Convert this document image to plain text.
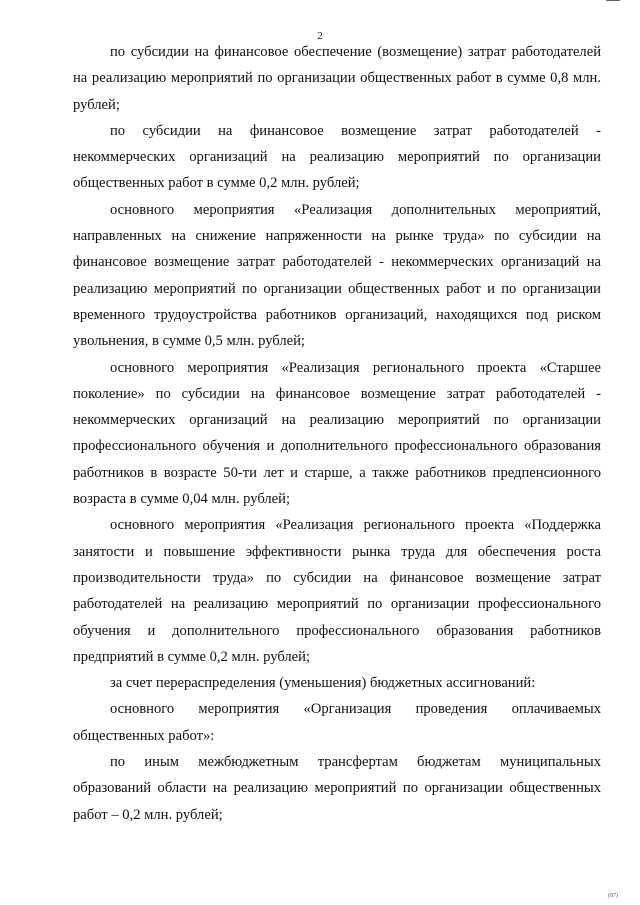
2

по субсидии на финансовое обеспечение (возмещение) затрат работодателей на реализацию мероприятий по организации общественных работ в сумме 0,8 млн. рублей;

по субсидии на финансовое возмещение затрат работодателей - некоммерческих организаций на реализацию мероприятий по организации общественных работ в сумме 0,2 млн. рублей;

основного мероприятия «Реализация дополнительных мероприятий, направленных на снижение напряженности на рынке труда» по субсидии на финансовое возмещение затрат работодателей - некоммерческих организаций на реализацию мероприятий по организации общественных работ и по организации временного трудоустройства работников организаций, находящихся под риском увольнения, в сумме 0,5 млн. рублей;

основного мероприятия «Реализация регионального проекта «Старшее поколение» по субсидии на финансовое возмещение затрат работодателей - некоммерческих организаций на реализацию мероприятий по организации профессионального обучения и дополнительного профессионального образования работников в возрасте 50-ти лет и старше, а также работников предпенсионного возраста в сумме 0,04 млн. рублей;

основного мероприятия «Реализация регионального проекта «Поддержка занятости и повышение эффективности рынка труда для обеспечения роста производительности труда» по субсидии на финансовое возмещение затрат работодателей на реализацию мероприятий по организации профессионального обучения и дополнительного профессионального образования работников предприятий в сумме 0,2 млн. рублей;

за счет перераспределения (уменьшения) бюджетных ассигнований:

основного мероприятия «Организация проведения оплачиваемых общественных работ»:

по иным межбюджетным трансфертам бюджетам муниципальных образований области на реализацию мероприятий по организации общественных работ – 0,2 млн. рублей;

(87)
